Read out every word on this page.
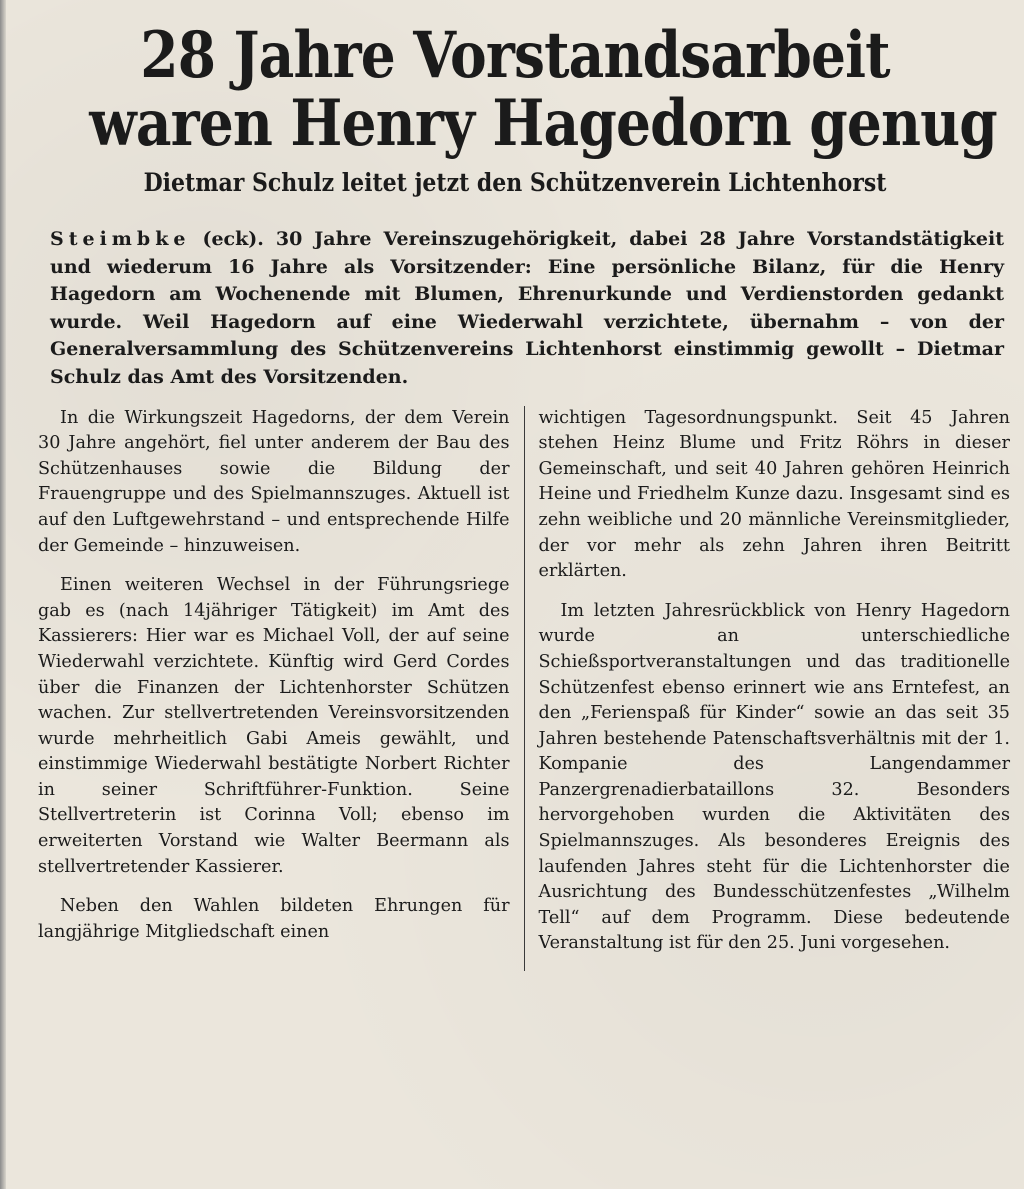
28 Jahre Vorstandsarbeit
waren Henry Hagedorn genug
Dietmar Schulz leitet jetzt den Schützenverein Lichtenhorst

Steimbke (eck). 30 Jahre Vereinszugehörigkeit, dabei 28 Jahre Vorstandstätigkeit und wiederum 16 Jahre als Vorsitzender: Eine persönliche Bilanz, für die Henry Hagedorn am Wochenende mit Blumen, Ehrenurkunde und Verdienstorden gedankt wurde. Weil Hagedorn auf eine Wiederwahl verzichtete, übernahm – von der Generalversammlung des Schützenvereins Lichtenhorst einstimmig gewollt – Dietmar Schulz das Amt des Vorsitzenden.

In die Wirkungszeit Hagedorns, der dem Verein 30 Jahre angehört, fiel unter anderem der Bau des Schützenhauses sowie die Bildung der Frauengruppe und des Spielmannszuges. Aktuell ist auf den Luftgewehrstand – und entsprechende Hilfe der Gemeinde – hinzuweisen.

Einen weiteren Wechsel in der Führungsriege gab es (nach 14jähriger Tätigkeit) im Amt des Kassierers: Hier war es Michael Voll, der auf seine Wiederwahl verzichtete. Künftig wird Gerd Cordes über die Finanzen der Lichtenhorster Schützen wachen. Zur stellvertretenden Vereinsvorsitzenden wurde mehrheitlich Gabi Ameis gewählt, und einstimmige Wiederwahl bestätigte Norbert Richter in seiner Schriftführer-Funktion. Seine Stellvertreterin ist Corinna Voll; ebenso im erweiterten Vorstand wie Walter Beermann als stellvertretender Kassierer.

Neben den Wahlen bildeten Ehrungen für langjährige Mitgliedschaft einen

wichtigen Tagesordnungspunkt. Seit 45 Jahren stehen Heinz Blume und Fritz Röhrs in dieser Gemeinschaft, und seit 40 Jahren gehören Heinrich Heine und Friedhelm Kunze dazu. Insgesamt sind es zehn weibliche und 20 männliche Vereinsmitglieder, der vor mehr als zehn Jahren ihren Beitritt erklärten.

Im letzten Jahresrückblick von Henry Hagedorn wurde an unterschiedliche Schießsportveranstaltungen und das traditionelle Schützenfest ebenso erinnert wie ans Erntefest, an den „Ferienspaß für Kinder“ sowie an das seit 35 Jahren bestehende Patenschaftsverhältnis mit der 1. Kompanie des Langendammer Panzergrenadierbataillons 32. Besonders hervorgehoben wurden die Aktivitäten des Spielmannszuges. Als besonderes Ereignis des laufenden Jahres steht für die Lichtenhorster die Ausrichtung des Bundesschützenfestes „Wilhelm Tell“ auf dem Programm. Diese bedeutende Veranstaltung ist für den 25. Juni vorgesehen.
